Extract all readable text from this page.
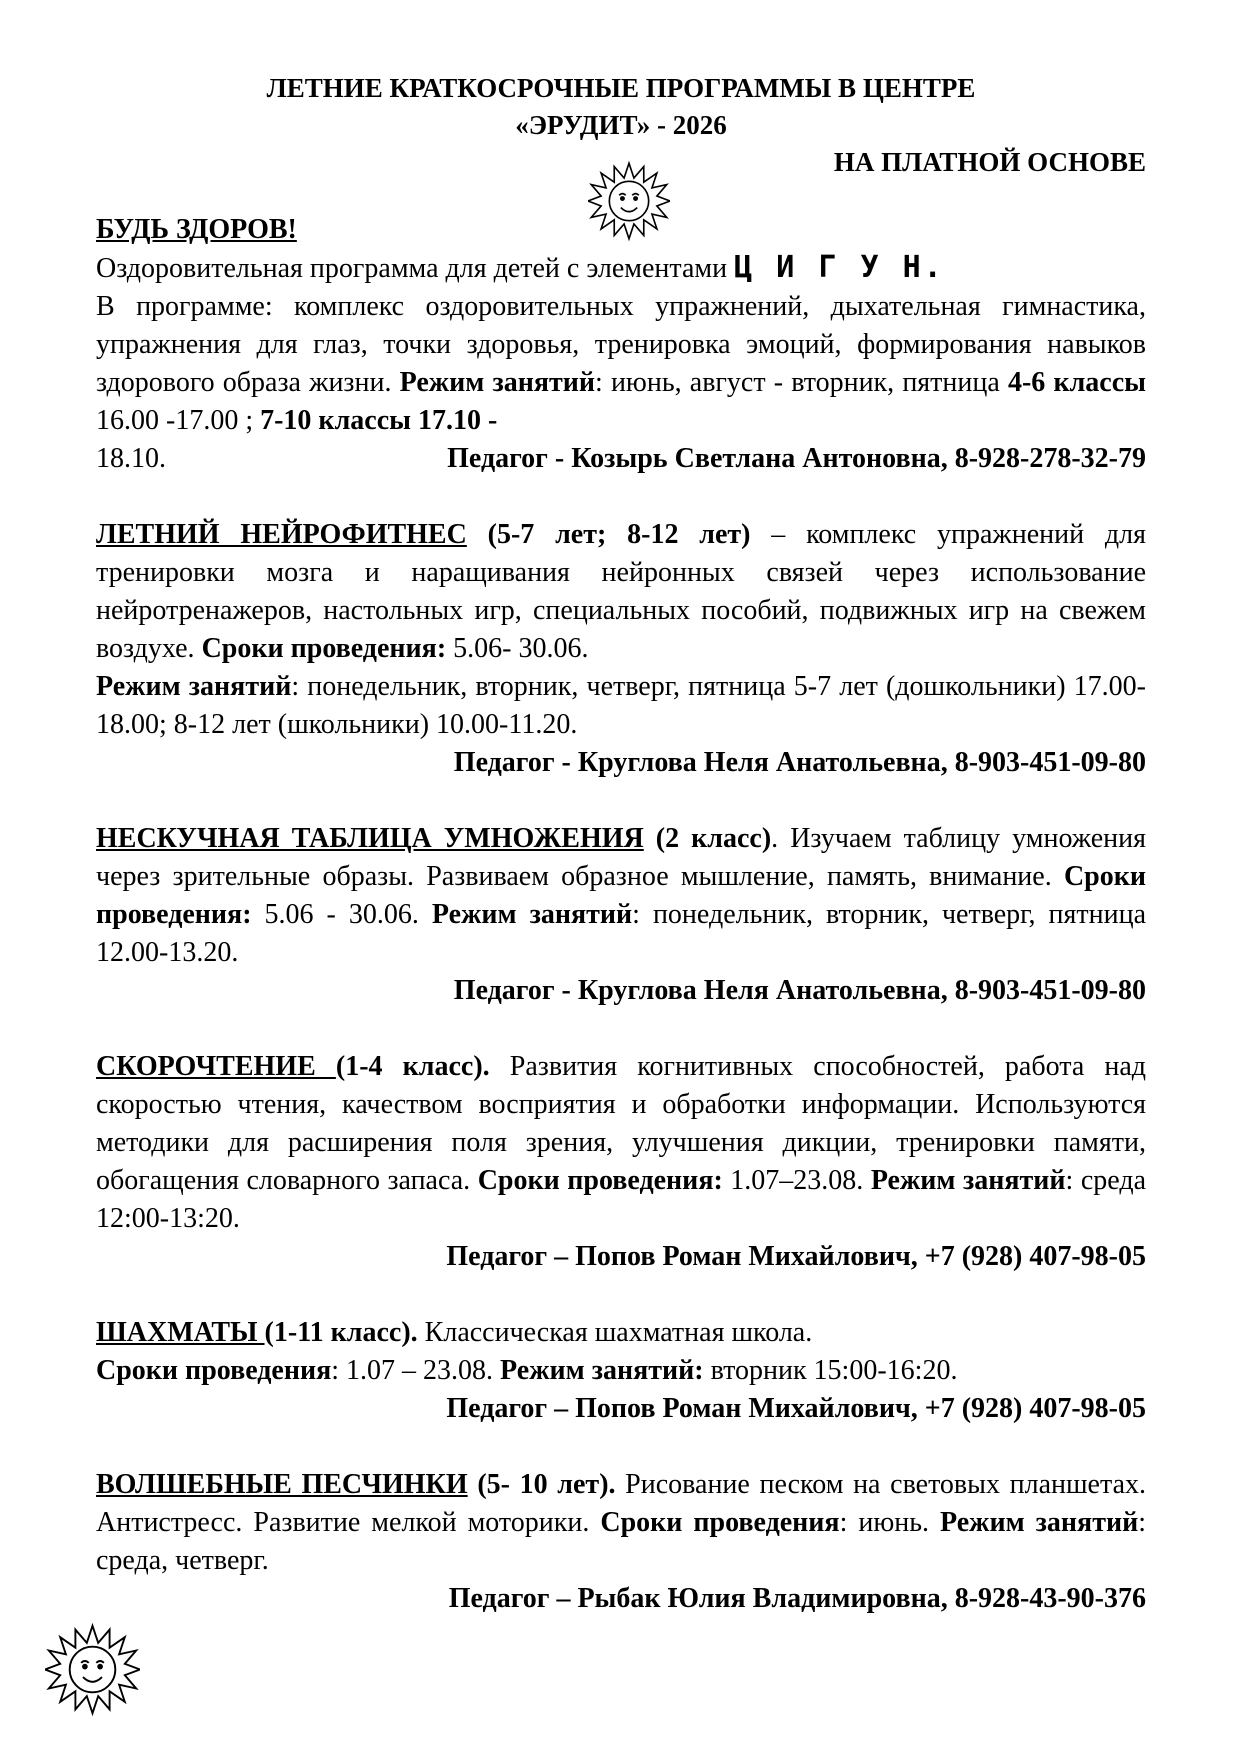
ЛЕТНИЕ КРАТКОСРОЧНЫЕ ПРОГРАММЫ В ЦЕНТРЕ
«ЭРУДИТ» - 2026
НА ПЛАТНОЙ ОСНОВЕ

БУДЬ ЗДОРОВ!

Оздоровительная программа для детей с элементами Ц И Г У Н.

В программе: комплекс оздоровительных упражнений, дыхательная гимнастика, упражнения для глаз, точки здоровья, тренировка эмоций, формирования навыков здорового образа жизни. Режим занятий: июнь, август - вторник, пятница 4-6 классы 16.00 -17.00 ; 7-10 классы 17.10 -

18.10.	Педагог - Козырь Светлана Антоновна, 8-928-278-32-79

ЛЕТНИЙ НЕЙРОФИТНЕС (5-7 лет; 8-12 лет) – комплекс упражнений для тренировки мозга и наращивания нейронных связей через использование нейротренажеров, настольных игр, специальных пособий, подвижных игр на свежем воздухе. Сроки проведения: 5.06- 30.06.

Режим занятий: понедельник, вторник, четверг, пятница 5-7 лет (дошкольники) 17.00-18.00; 8-12 лет (школьники) 10.00-11.20.

Педагог - Круглова Неля Анатольевна, 8-903-451-09-80

НЕСКУЧНАЯ ТАБЛИЦА УМНОЖЕНИЯ (2 класс). Изучаем таблицу умножения через зрительные образы. Развиваем образное мышление, память, внимание. Сроки проведения: 5.06 - 30.06. Режим занятий: понедельник, вторник, четверг, пятница 12.00-13.20.

Педагог - Круглова Неля Анатольевна, 8-903-451-09-80

СКОРОЧТЕНИЕ (1-4 класс). Развития когнитивных способностей, работа над скоростью чтения, качеством восприятия и обработки информации. Используются методики для расширения поля зрения, улучшения дикции, тренировки памяти, обогащения словарного запаса. Сроки проведения: 1.07–23.08. Режим занятий: среда 12:00-13:20.

Педагог – Попов Роман Михайлович, +7 (928) 407-98-05

ШАХМАТЫ (1-11 класс). Классическая шахматная школа.

Сроки проведения: 1.07 – 23.08. Режим занятий: вторник 15:00-16:20.

Педагог – Попов Роман Михайлович, +7 (928) 407-98-05

ВОЛШЕБНЫЕ ПЕСЧИНКИ (5- 10 лет). Рисование песком на световых планшетах. Антистресс. Развитие мелкой моторики. Сроки проведения: июнь. Режим занятий: среда, четверг.

Педагог – Рыбак Юлия Владимировна, 8-928-43-90-376
